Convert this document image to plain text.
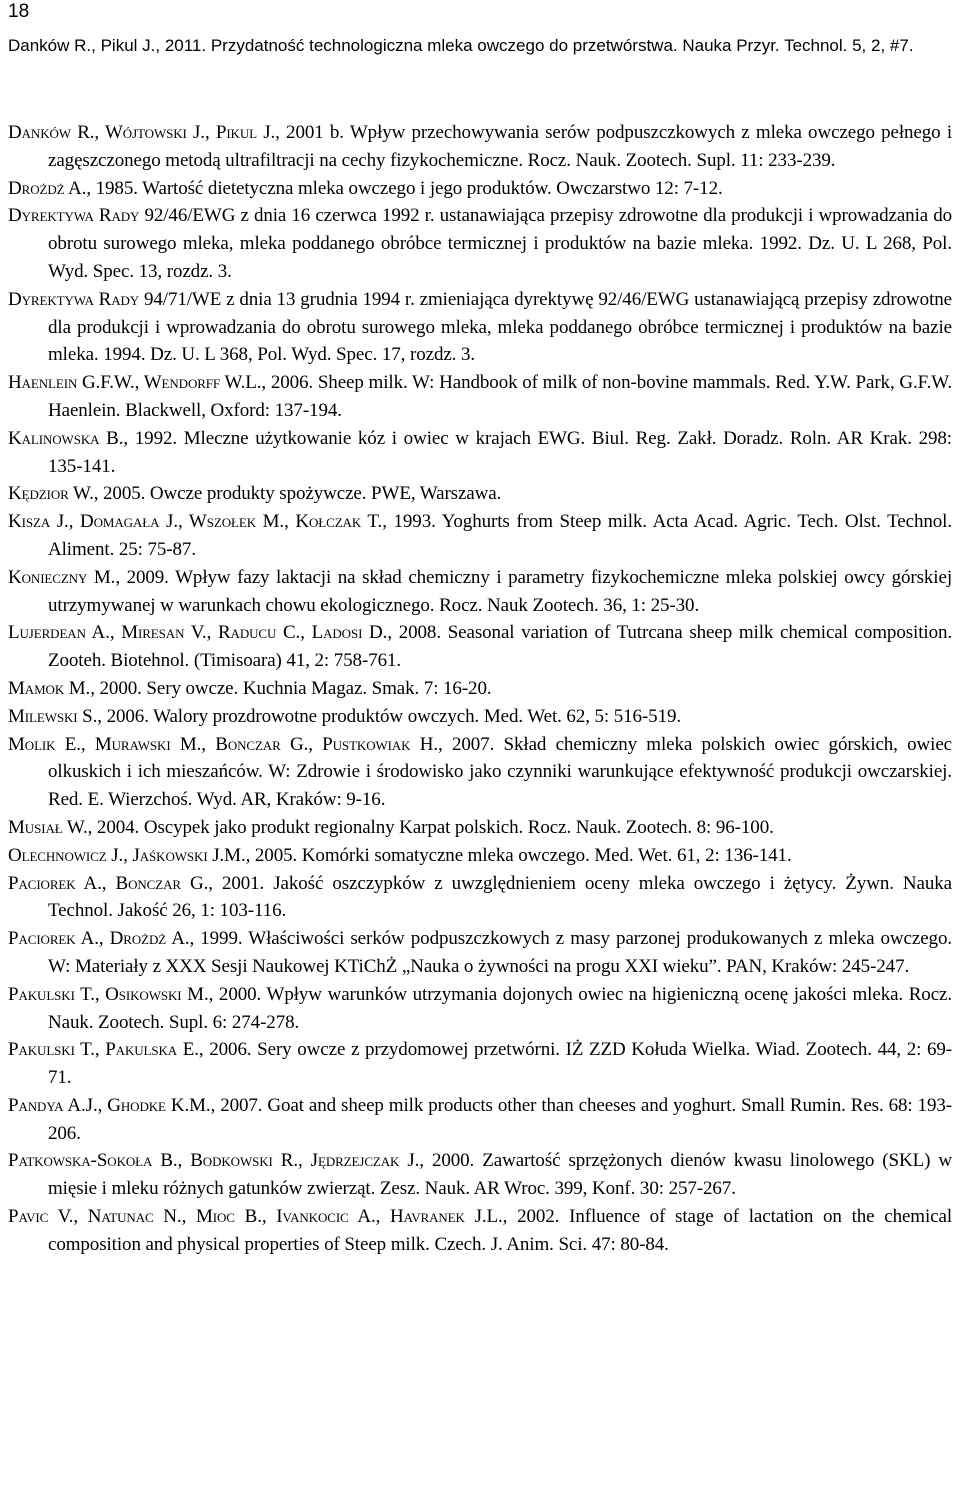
18
Danków R., Pikul J., 2011. Przydatność technologiczna mleka owczego do przetwórstwa. Nauka Przyr. Technol. 5, 2, #7.
Danków R., Wójtowski J., Pikul J., 2001 b. Wpływ przechowywania serów podpuszczkowych z mleka owczego pełnego i zagęszczonego metodą ultrafiltracji na cechy fizykochemiczne. Rocz. Nauk. Zootech. Supl. 11: 233-239.
Drożdż A., 1985. Wartość dietetyczna mleka owczego i jego produktów. Owczarstwo 12: 7-12.
Dyrektywa Rady 92/46/EWG z dnia 16 czerwca 1992 r. ustanawiająca przepisy zdrowotne dla produkcji i wprowadzania do obrotu surowego mleka, mleka poddanego obróbce termicznej i produktów na bazie mleka. 1992. Dz. U. L 268, Pol. Wyd. Spec. 13, rozdz. 3.
Dyrektywa Rady 94/71/WE z dnia 13 grudnia 1994 r. zmieniająca dyrektywę 92/46/EWG ustanawiającą przepisy zdrowotne dla produkcji i wprowadzania do obrotu surowego mleka, mleka poddanego obróbce termicznej i produktów na bazie mleka. 1994. Dz. U. L 368, Pol. Wyd. Spec. 17, rozdz. 3.
Haenlein G.F.W., Wendorff W.L., 2006. Sheep milk. W: Handbook of milk of non-bovine mammals. Red. Y.W. Park, G.F.W. Haenlein. Blackwell, Oxford: 137-194.
Kalinowska B., 1992. Mleczne użytkowanie kóz i owiec w krajach EWG. Biul. Reg. Zakł. Doradz. Roln. AR Krak. 298: 135-141.
Kędzior W., 2005. Owcze produkty spożywcze. PWE, Warszawa.
Kisza J., Domagała J., Wszołek M., Kołczak T., 1993. Yoghurts from Steep milk. Acta Acad. Agric. Tech. Olst. Technol. Aliment. 25: 75-87.
Konieczny M., 2009. Wpływ fazy laktacji na skład chemiczny i parametry fizykochemiczne mleka polskiej owcy górskiej utrzymywanej w warunkach chowu ekologicznego. Rocz. Nauk Zootech. 36, 1: 25-30.
Lujerdean A., Miresan V., Raducu C., Ladosi D., 2008. Seasonal variation of Tutrcana sheep milk chemical composition. Zooteh. Biotehnol. (Timisoara) 41, 2: 758-761.
Mamok M., 2000. Sery owcze. Kuchnia Magaz. Smak. 7: 16-20.
Milewski S., 2006. Walory prozdrowotne produktów owczych. Med. Wet. 62, 5: 516-519.
Molik E., Murawski M., Bonczar G., Pustkowiak H., 2007. Skład chemiczny mleka polskich owiec górskich, owiec olkuskich i ich mieszańców. W: Zdrowie i środowisko jako czynniki warunkujące efektywność produkcji owczarskiej. Red. E. Wierzchoś. Wyd. AR, Kraków: 9-16.
Musiał W., 2004. Oscypek jako produkt regionalny Karpat polskich. Rocz. Nauk. Zootech. 8: 96-100.
Olechnowicz J., Jaśkowski J.M., 2005. Komórki somatyczne mleka owczego. Med. Wet. 61, 2: 136-141.
Paciorek A., Bonczar G., 2001. Jakość oszczypków z uwzględnieniem oceny mleka owczego i żętycy. Żywn. Nauka Technol. Jakość 26, 1: 103-116.
Paciorek A., Drożdż A., 1999. Właściwości serków podpuszczkowych z masy parzonej produkowanych z mleka owczego. W: Materiały z XXX Sesji Naukowej KTiChŻ „Nauka o żywności na progu XXI wieku”. PAN, Kraków: 245-247.
Pakulski T., Osikowski M., 2000. Wpływ warunków utrzymania dojonych owiec na higieniczną ocenę jakości mleka. Rocz. Nauk. Zootech. Supl. 6: 274-278.
Pakulski T., Pakulska E., 2006. Sery owcze z przydomowej przetwórni. IŻ ZZD Kołuda Wielka. Wiad. Zootech. 44, 2: 69-71.
Pandya A.J., Ghodke K.M., 2007. Goat and sheep milk products other than cheeses and yoghurt. Small Rumin. Res. 68: 193-206.
Patkowska-Sokoła B., Bodkowski R., Jędrzejczak J., 2000. Zawartość sprzężonych dienów kwasu linolowego (SKL) w mięsie i mleku różnych gatunków zwierząt. Zesz. Nauk. AR Wroc. 399, Konf. 30: 257-267.
Pavic V., Natunac N., Mioc B., Ivankocic A., Havranek J.L., 2002. Influence of stage of lactation on the chemical composition and physical properties of Steep milk. Czech. J. Anim. Sci. 47: 80-84.
